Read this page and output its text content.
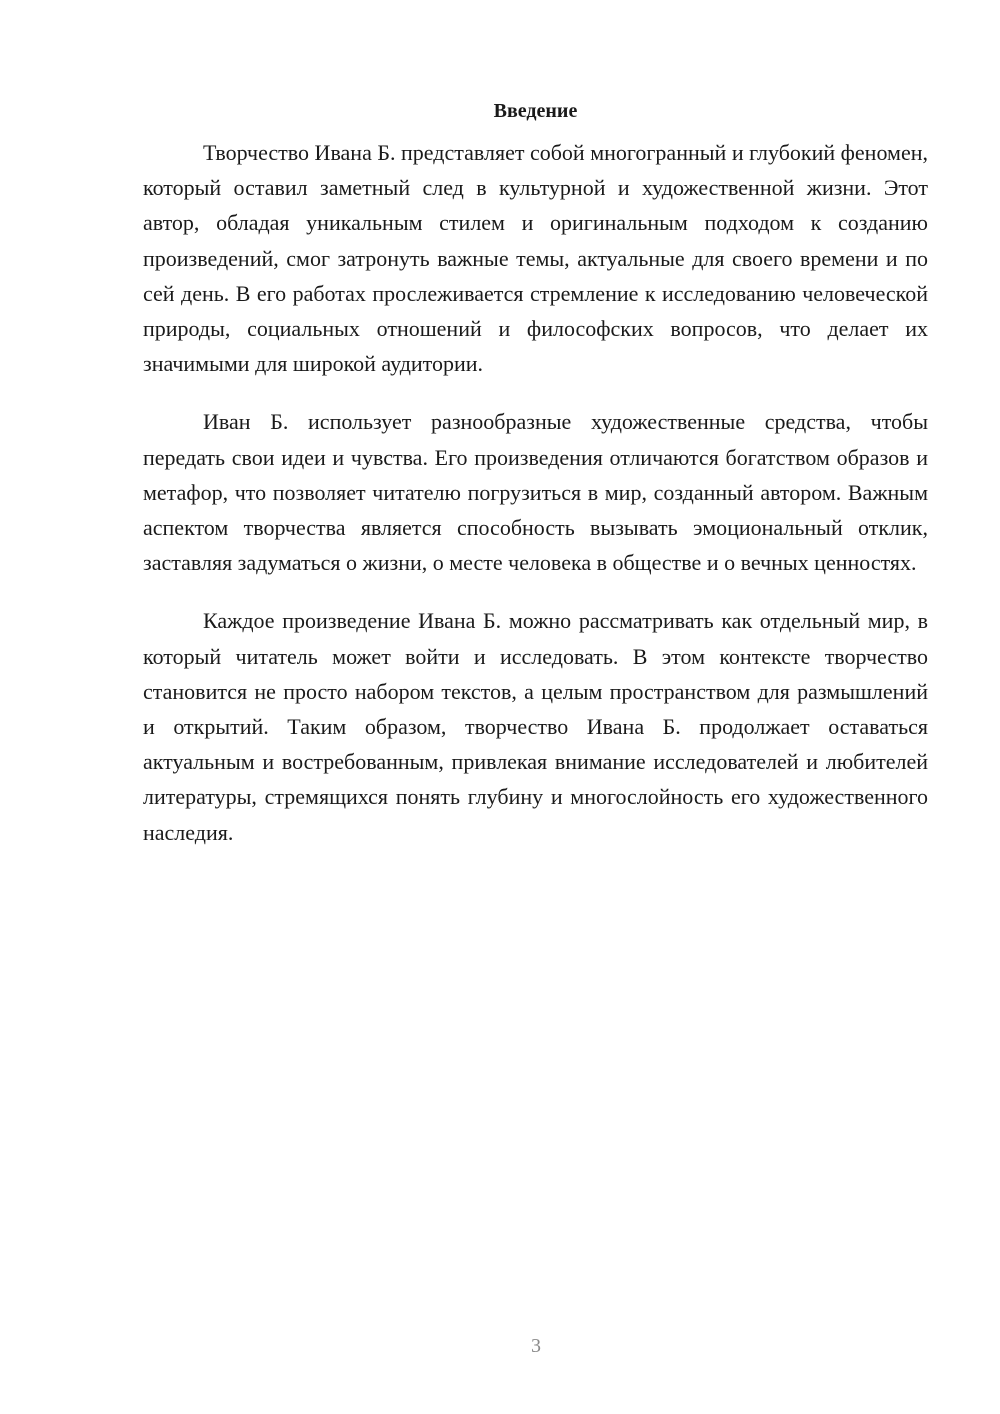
Введение

Творчество Ивана Б. представляет собой многогранный и глубокий феномен, который оставил заметный след в культурной и художественной жизни. Этот автор, обладая уникальным стилем и оригинальным подходом к созданию произведений, смог затронуть важные темы, актуальные для своего времени и по сей день. В его работах прослеживается стремление к исследованию человеческой природы, социальных отношений и философских вопросов, что делает их значимыми для широкой аудитории.

Иван Б. использует разнообразные художественные средства, чтобы передать свои идеи и чувства. Его произведения отличаются богатством образов и метафор, что позволяет читателю погрузиться в мир, созданный автором. Важным аспектом творчества является способность вызывать эмоциональный отклик, заставляя задуматься о жизни, о месте человека в обществе и о вечных ценностях.

Каждое произведение Ивана Б. можно рассматривать как отдельный мир, в который читатель может войти и исследовать. В этом контексте творчество становится не просто набором текстов, а целым пространством для размышлений и открытий. Таким образом, творчество Ивана Б. продолжает оставаться актуальным и востребованным, привлекая внимание исследователей и любителей литературы, стремящихся понять глубину и многослойность его художественного наследия.

3
